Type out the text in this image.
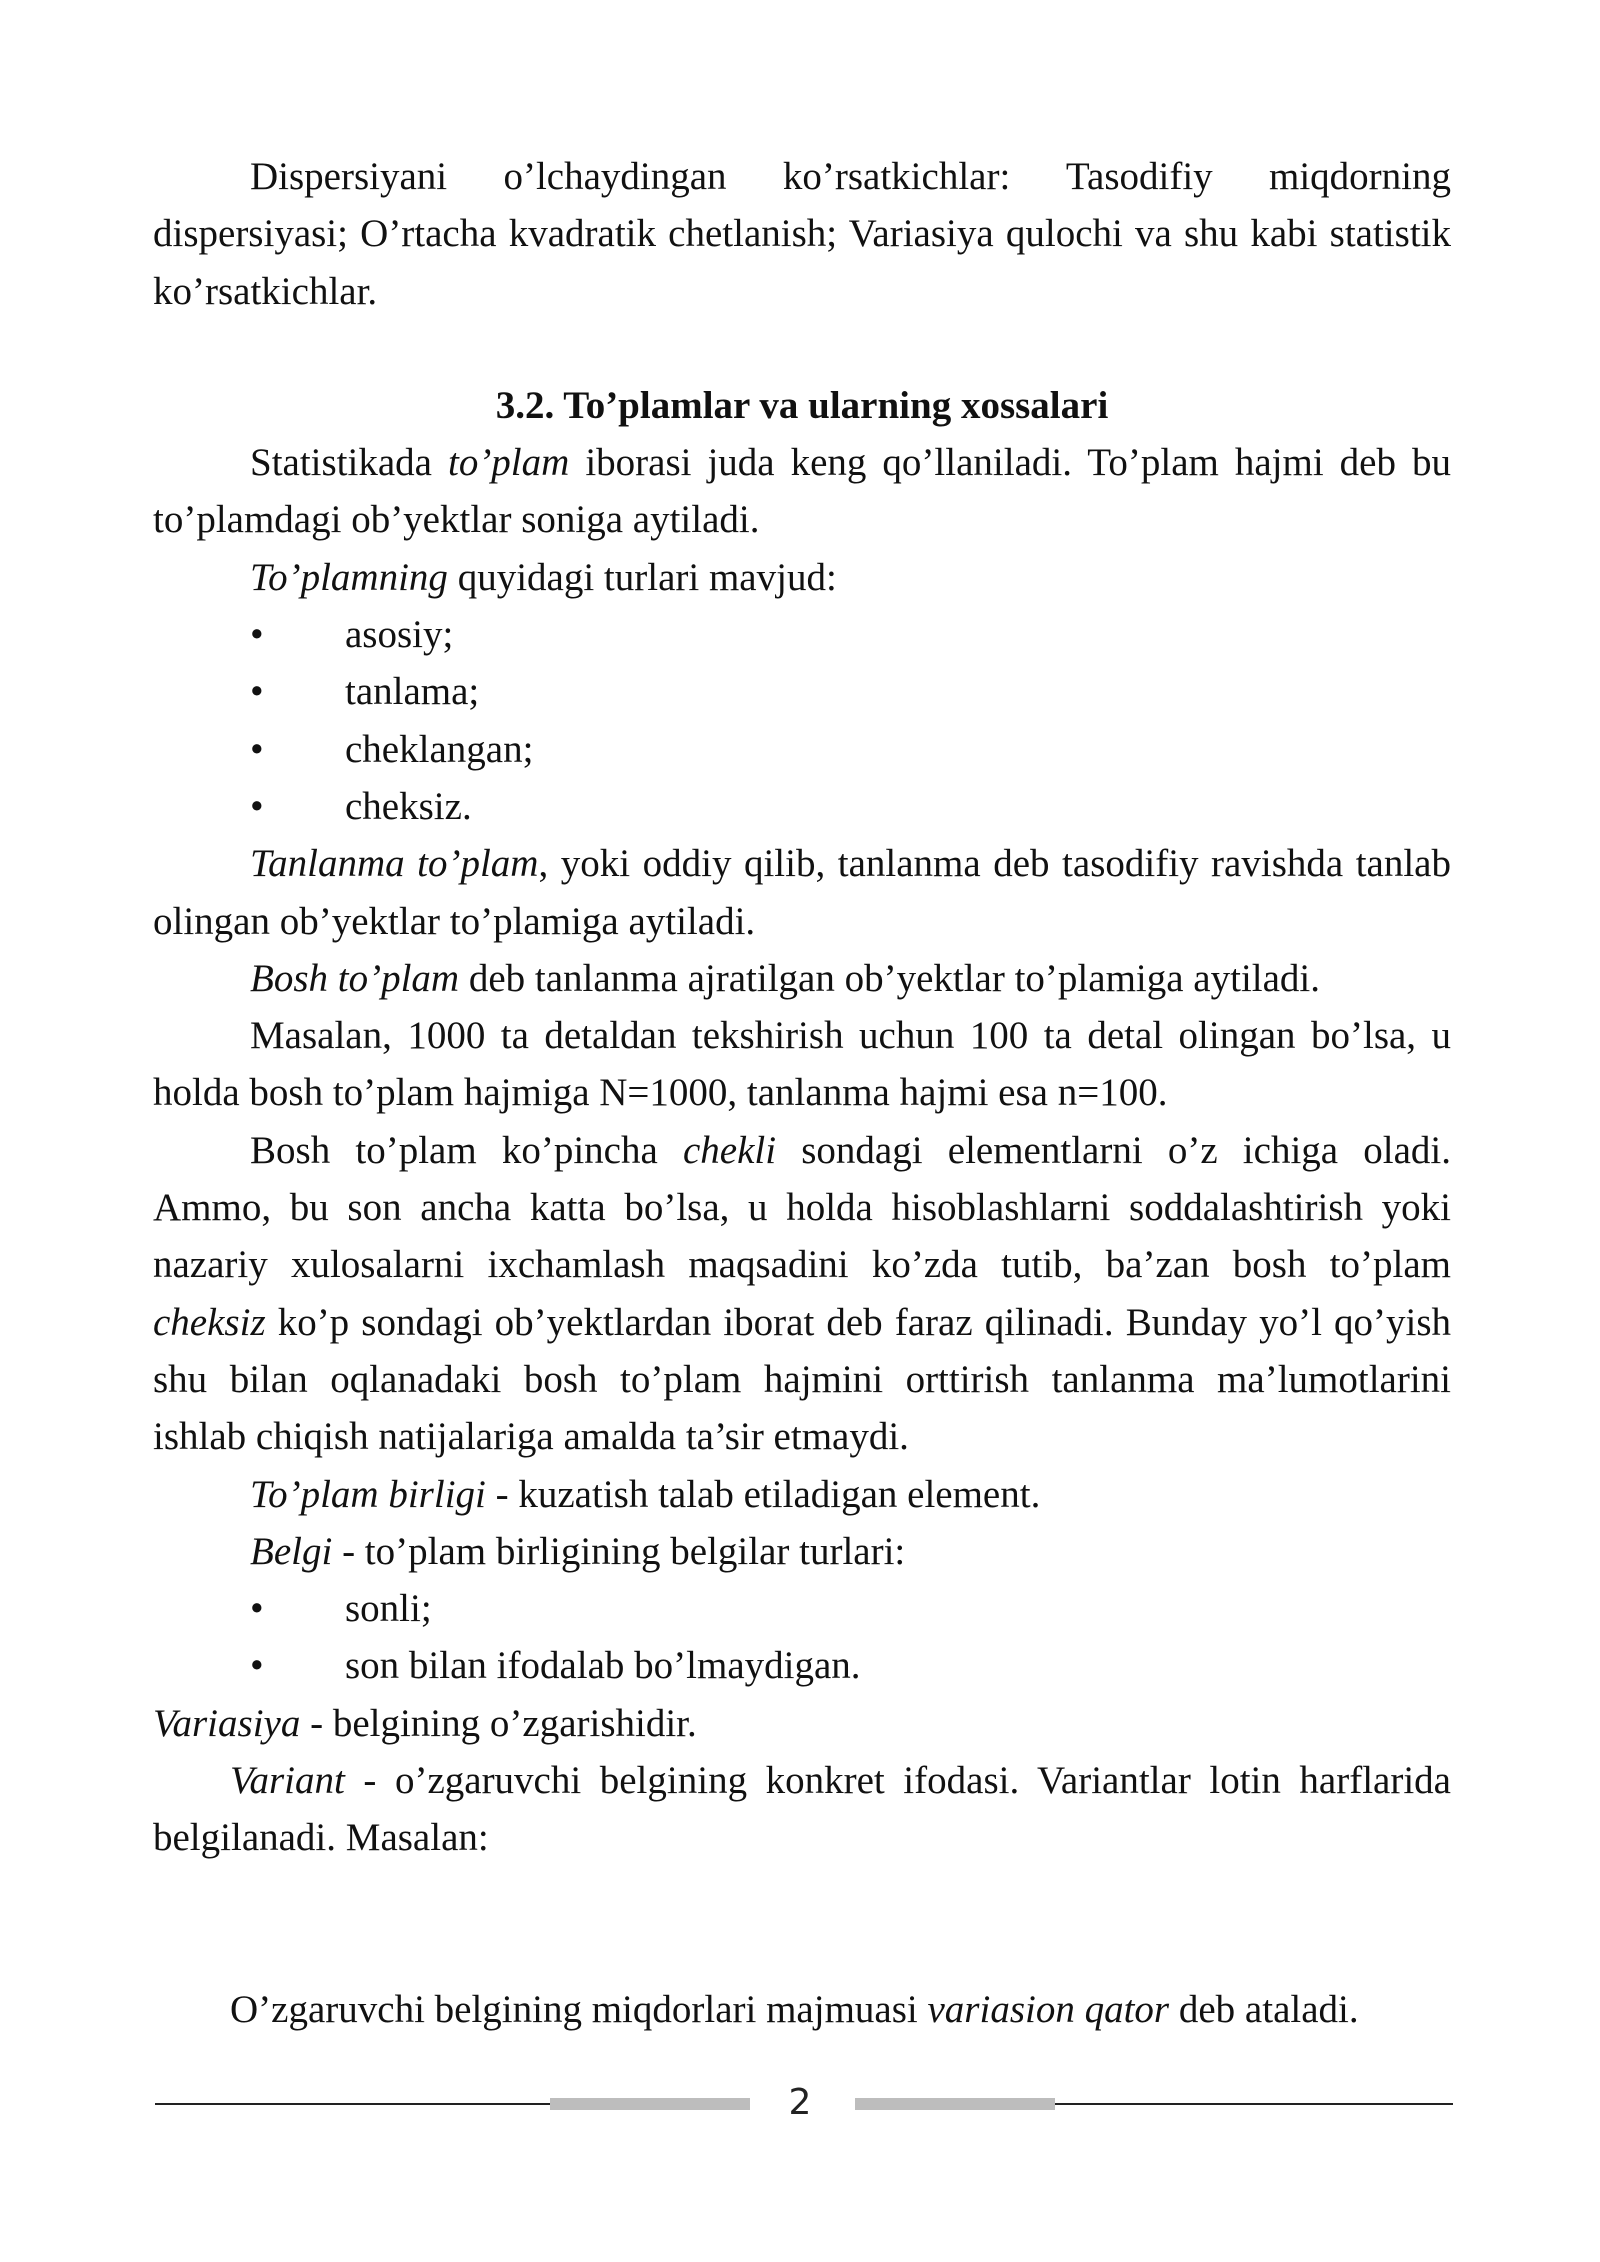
Dispersiyani o’lchaydingan ko’rsatkichlar: Tasodifiy miqdorning dispersiyasi; O’rtacha kvadratik chetlanish; Variasiya qulochi va shu kabi statistik ko’rsatkichlar.

3.2. To’plamlar va ularning xossalari

Statistikada to’plam iborasi juda keng qo’llaniladi. To’plam hajmi deb bu to’plamdagi ob’yektlar soniga aytiladi.

To’plamning quyidagi turlari mavjud:

• asosiy;
• tanlama;
• cheklangan;
• cheksiz.

Tanlanma to’plam, yoki oddiy qilib, tanlanma deb tasodifiy ravishda tanlab olingan ob’yektlar to’plamiga aytiladi.

Bosh to’plam deb tanlanma ajratilgan ob’yektlar to’plamiga aytiladi.

Masalan, 1000 ta detaldan tekshirish uchun 100 ta detal olingan bo’lsa, u holda bosh to’plam hajmiga N=1000, tanlanma hajmi esa n=100.

Bosh to’plam ko’pincha chekli sondagi elementlarni o’z ichiga oladi. Ammo, bu son ancha katta bo’lsa, u holda hisoblashlarni soddalashtirish yoki nazariy xulosalarni ixchamlash maqsadini ko’zda tutib, ba’zan bosh to’plam cheksiz ko’p sondagi ob’yektlardan iborat deb faraz qilinadi. Bunday yo’l qo’yish shu bilan oqlanadaki bosh to’plam hajmini orttirish tanlanma ma’lumotlarini ishlab chiqish natijalariga amalda ta’sir etmaydi.

To’plam birligi - kuzatish talab etiladigan element.

Belgi - to’plam birligining belgilar turlari:

• sonli;
• son bilan ifodalab bo’lmaydigan.

Variasiya - belgining o’zgarishidir.

Variant - o’zgaruvchi belgining konkret ifodasi. Variantlar lotin harflarida belgilanadi. Masalan:

O’zgaruvchi belgining miqdorlari majmuasi variasion qator deb ataladi.

2
